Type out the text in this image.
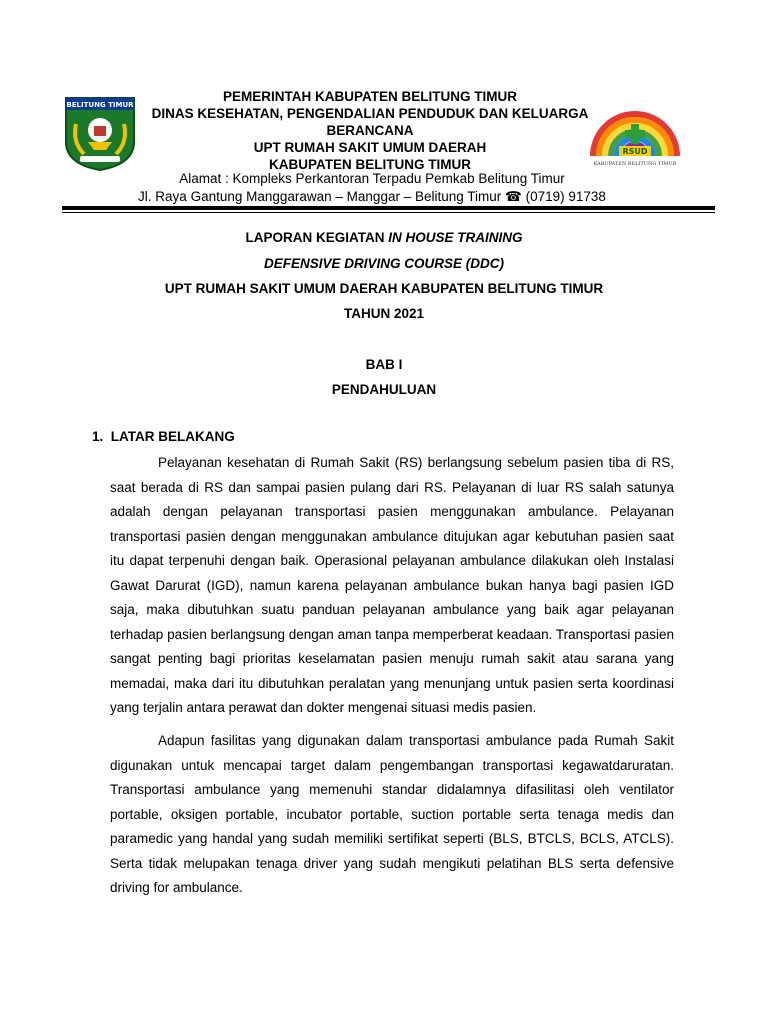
BELITUNG TIMUR
RSUD
KABUPATEN BELITUNG TIMUR
PEMERINTAH KABUPATEN BELITUNG TIMUR
DINAS KESEHATAN, PENGENDALIAN PENDUDUK DAN KELUARGA
BERANCANA
UPT RUMAH SAKIT UMUM DAERAH
KABUPATEN BELITUNG TIMUR
Alamat : Kompleks Perkantoran Terpadu Pemkab Belitung Timur
Jl. Raya Gantung Manggarawan – Manggar – Belitung Timur ☎ (0719) 91738
LAPORAN KEGIATAN IN HOUSE TRAINING
DEFENSIVE DRIVING COURSE (DDC)
UPT RUMAH SAKIT UMUM DAERAH KABUPATEN BELITUNG TIMUR
TAHUN 2021
BAB I
PENDAHULUAN
1. LATAR BELAKANG

Pelayanan kesehatan di Rumah Sakit (RS) berlangsung sebelum pasien tiba di RS, saat berada di RS dan sampai pasien pulang dari RS. Pelayanan di luar RS salah satunya adalah dengan pelayanan transportasi pasien menggunakan ambulance. Pelayanan transportasi pasien dengan menggunakan ambulance ditujukan agar kebutuhan pasien saat itu dapat terpenuhi dengan baik. Operasional pelayanan ambulance dilakukan oleh Instalasi Gawat Darurat (IGD), namun karena pelayanan ambulance bukan hanya bagi pasien IGD saja, maka dibutuhkan suatu panduan pelayanan ambulance yang baik agar pelayanan terhadap pasien berlangsung dengan aman tanpa memperberat keadaan. Transportasi pasien sangat penting bagi prioritas keselamatan pasien menuju rumah sakit atau sarana yang memadai, maka dari itu dibutuhkan peralatan yang menunjang untuk pasien serta koordinasi yang terjalin antara perawat dan dokter mengenai situasi medis pasien.

Adapun fasilitas yang digunakan dalam transportasi ambulance pada Rumah Sakit digunakan untuk mencapai target dalam pengembangan transportasi kegawatdaruratan. Transportasi ambulance yang memenuhi standar didalamnya difasilitasi oleh ventilator portable, oksigen portable, incubator portable, suction portable serta tenaga medis dan paramedic yang handal yang sudah memiliki sertifikat seperti (BLS, BTCLS, BCLS, ATCLS). Serta tidak melupakan tenaga driver yang sudah mengikuti pelatihan BLS serta defensive driving for ambulance.
